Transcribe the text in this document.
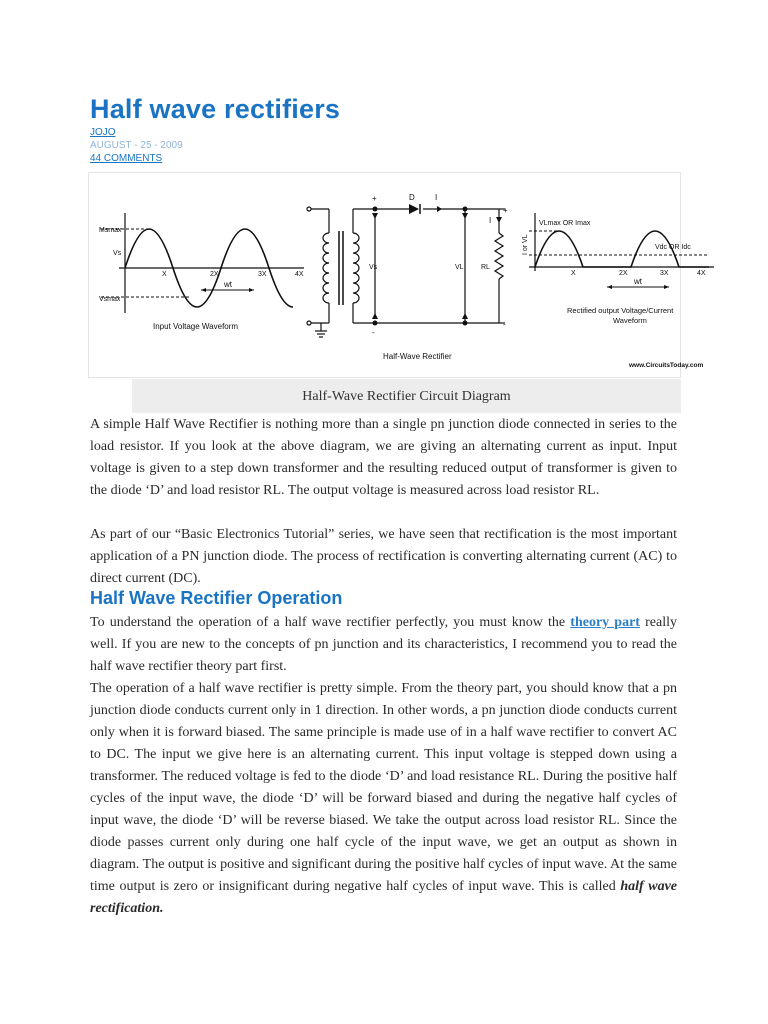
Half wave rectifiers
JOJO
AUGUST - 25 - 2009
44 COMMENTS
Msmax
Vs
Vsmax
X	2X	3X	4X
wt
Input Voltage Waveform
+
-
D	I
I
+
-
Vs	VL RL
Half-Wave Rectifier
I or VL
VLmax OR Imax
Vdc OR Idc
X	2X	3X	4X
wt
Rectified output Voltage/Current
Waveform
www.CircuitsToday.com
Half-Wave Rectifier Circuit Diagram

A simple Half Wave Rectifier is nothing more than a single pn junction diode connected in series to the load resistor. If you look at the above diagram, we are giving an alternating current as input. Input voltage is given to a step down transformer and the resulting reduced output of transformer is given to the diode ‘D’ and load resistor RL. The output voltage is measured across load resistor RL.

As part of our “Basic Electronics Tutorial” series, we have seen that rectification is the most important application of a PN junction diode. The process of rectification is converting alternating current (AC) to direct current (DC).

Half Wave Rectifier Operation

To understand the operation of a half wave rectifier perfectly, you must know the theory part really well. If you are new to the concepts of pn junction and its characteristics, I recommend you to read the half wave rectifier theory part first.

The operation of a half wave rectifier is pretty simple. From the theory part, you should know that a pn junction diode conducts current only in 1 direction. In other words, a pn junction diode conducts current only when it is forward biased. The same principle is made use of in a half wave rectifier to convert AC to DC. The input we give here is an alternating current. This input voltage is stepped down using a transformer. The reduced voltage is fed to the diode ‘D’ and load resistance RL. During the positive half cycles of the input wave, the diode ‘D’ will be forward biased and during the negative half cycles of input wave, the diode ‘D’ will be reverse biased. We take the output across load resistor RL. Since the diode passes current only during one half cycle of the input wave, we get an output as shown in diagram. The output is positive and significant during the positive half cycles of input wave. At the same time output is zero or insignificant during negative half cycles of input wave. This is called half wave rectification.
